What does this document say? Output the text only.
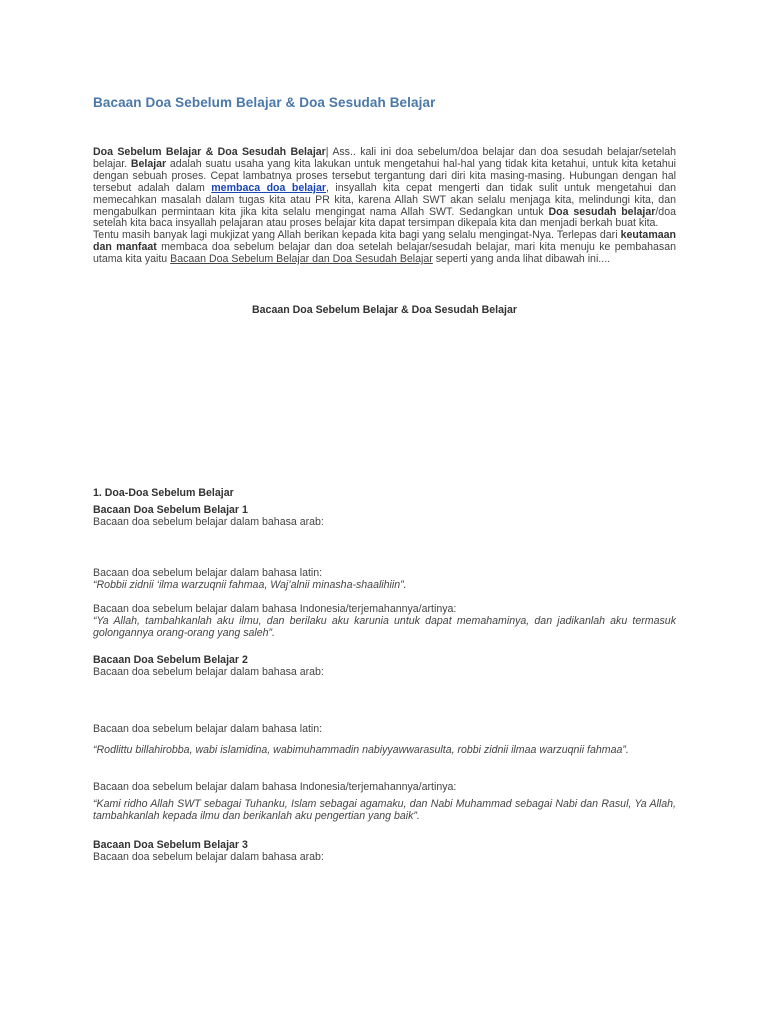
Bacaan Doa Sebelum Belajar & Doa Sesudah Belajar
Doa Sebelum Belajar & Doa Sesudah Belajar| Ass.. kali ini doa sebelum/doa belajar dan doa sesudah belajar/setelah belajar. Belajar adalah suatu usaha yang kita lakukan untuk mengetahui hal-hal yang tidak kita ketahui, untuk kita ketahui dengan sebuah proses. Cepat lambatnya proses tersebut tergantung dari diri kita masing-masing. Hubungan dengan hal tersebut adalah dalam membaca doa belajar, insyallah kita cepat mengerti dan tidak sulit untuk mengetahui dan memecahkan masalah dalam tugas kita atau PR kita, karena Allah SWT akan selalu menjaga kita, melindungi kita, dan mengabulkan permintaan kita jika kita selalu mengingat nama Allah SWT. Sedangkan untuk Doa sesudah belajar/doa setelah kita baca insyallah pelajaran atau proses belajar kita dapat tersimpan dikepala kita dan menjadi berkah buat kita.
Tentu masih banyak lagi mukjizat yang Allah berikan kepada kita bagi yang selalu mengingat-Nya. Terlepas dari keutamaan dan manfaat membaca doa sebelum belajar dan doa setelah belajar/sesudah belajar, mari kita menuju ke pembahasan utama kita yaitu Bacaan Doa Sebelum Belajar dan Doa Sesudah Belajar seperti yang anda lihat dibawah ini....
Bacaan Doa Sebelum Belajar & Doa Sesudah Belajar
1. Doa-Doa Sebelum Belajar
Bacaan Doa Sebelum Belajar 1
Bacaan doa sebelum belajar dalam bahasa arab:
Bacaan doa sebelum belajar dalam bahasa latin:
“Robbii zidnii ‘ilma warzuqnii fahmaa, Waj’alnii minasha-shaalihiin”.
Bacaan doa sebelum belajar dalam bahasa Indonesia/terjemahannya/artinya:
“Ya Allah, tambahkanlah aku ilmu, dan berilaku aku karunia untuk dapat memahaminya, dan jadikanlah aku termasuk golongannya orang-orang yang saleh”.
Bacaan Doa Sebelum Belajar 2
Bacaan doa sebelum belajar dalam bahasa arab:
Bacaan doa sebelum belajar dalam bahasa latin:
“Rodlittu billahirobba, wabi islamidina, wabimuhammadin nabiyyawwarasulta, robbi zidnii ilmaa warzuqnii fahmaa”.
Bacaan doa sebelum belajar dalam bahasa Indonesia/terjemahannya/artinya:
“Kami ridho Allah SWT sebagai Tuhanku, Islam sebagai agamaku, dan Nabi Muhammad sebagai Nabi dan Rasul, Ya Allah, tambahkanlah kepada ilmu dan berikanlah aku pengertian yang baik”.
Bacaan Doa Sebelum Belajar 3
Bacaan doa sebelum belajar dalam bahasa arab:
